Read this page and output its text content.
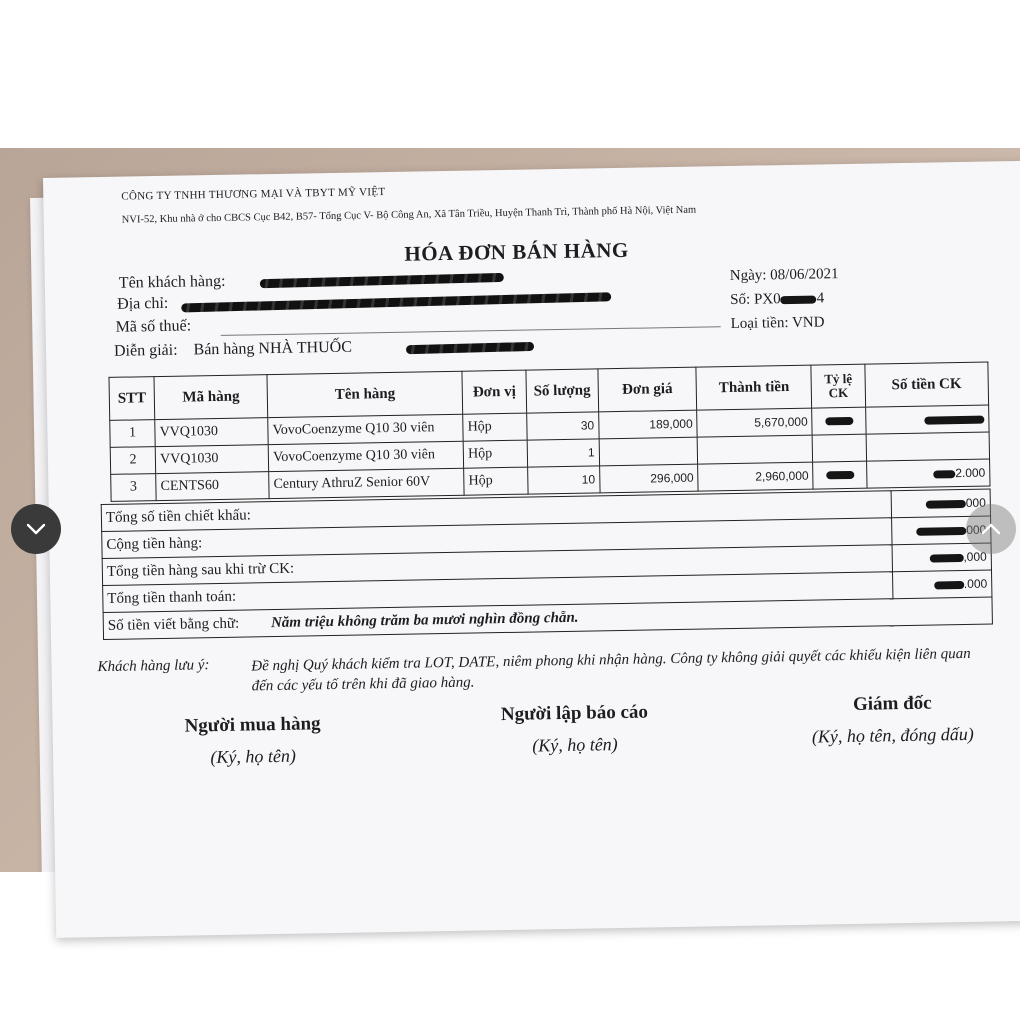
CÔNG TY TNHH THƯƠNG MẠI VÀ TBYT MỸ VIỆT
NVI-52, Khu nhà ở cho CBCS Cục B42, B57- Tổng Cục V- Bộ Công An, Xã Tân Triều, Huyện Thanh Trì, Thành phố Hà Nội, Việt Nam
HÓA ĐƠN BÁN HÀNG
Tên khách hàng:
Địa chỉ:
Mã số thuế:
Diễn giải: Bán hàng NHÀ THUỐC
Ngày: 08/06/2021
Số: PX0 4
Loại tiền: VND
STT	Mã hàng	Tên hàng	Đơn vị	Số lượng	Đơn giá	Thành tiền	Tỷ lệ CK	Số tiền CK
1	VVQ1030	VovoCoenzyme Q10 30 viên	Hộp	30	189,000	5,670,000		
2	VVQ1030	VovoCoenzyme Q10 30 viên	Hộp	1				
3	CENTS60	Century AthruZ Senior 60V	Hộp	10	296,000	2,960,000		2.000
Tổng số tiền chiết khấu:	000
Cộng tiền hàng:	000
Tổng tiền hàng sau khi trừ CK:	,000
Tổng tiền thanh toán:	.000
Số tiền viết bằng chữ: Năm triệu không trăm ba mươi nghìn đồng chẵn.	
Khách hàng lưu ý:	Đề nghị Quý khách kiểm tra LOT, DATE, niêm phong khi nhận hàng. Công ty không giải quyết các khiếu kiện liên quan đến các yếu tố trên khi đã giao hàng.
Người mua hàng
(Ký, họ tên)
Người lập báo cáo
(Ký, họ tên)
Giám đốc
(Ký, họ tên, đóng dấu)
